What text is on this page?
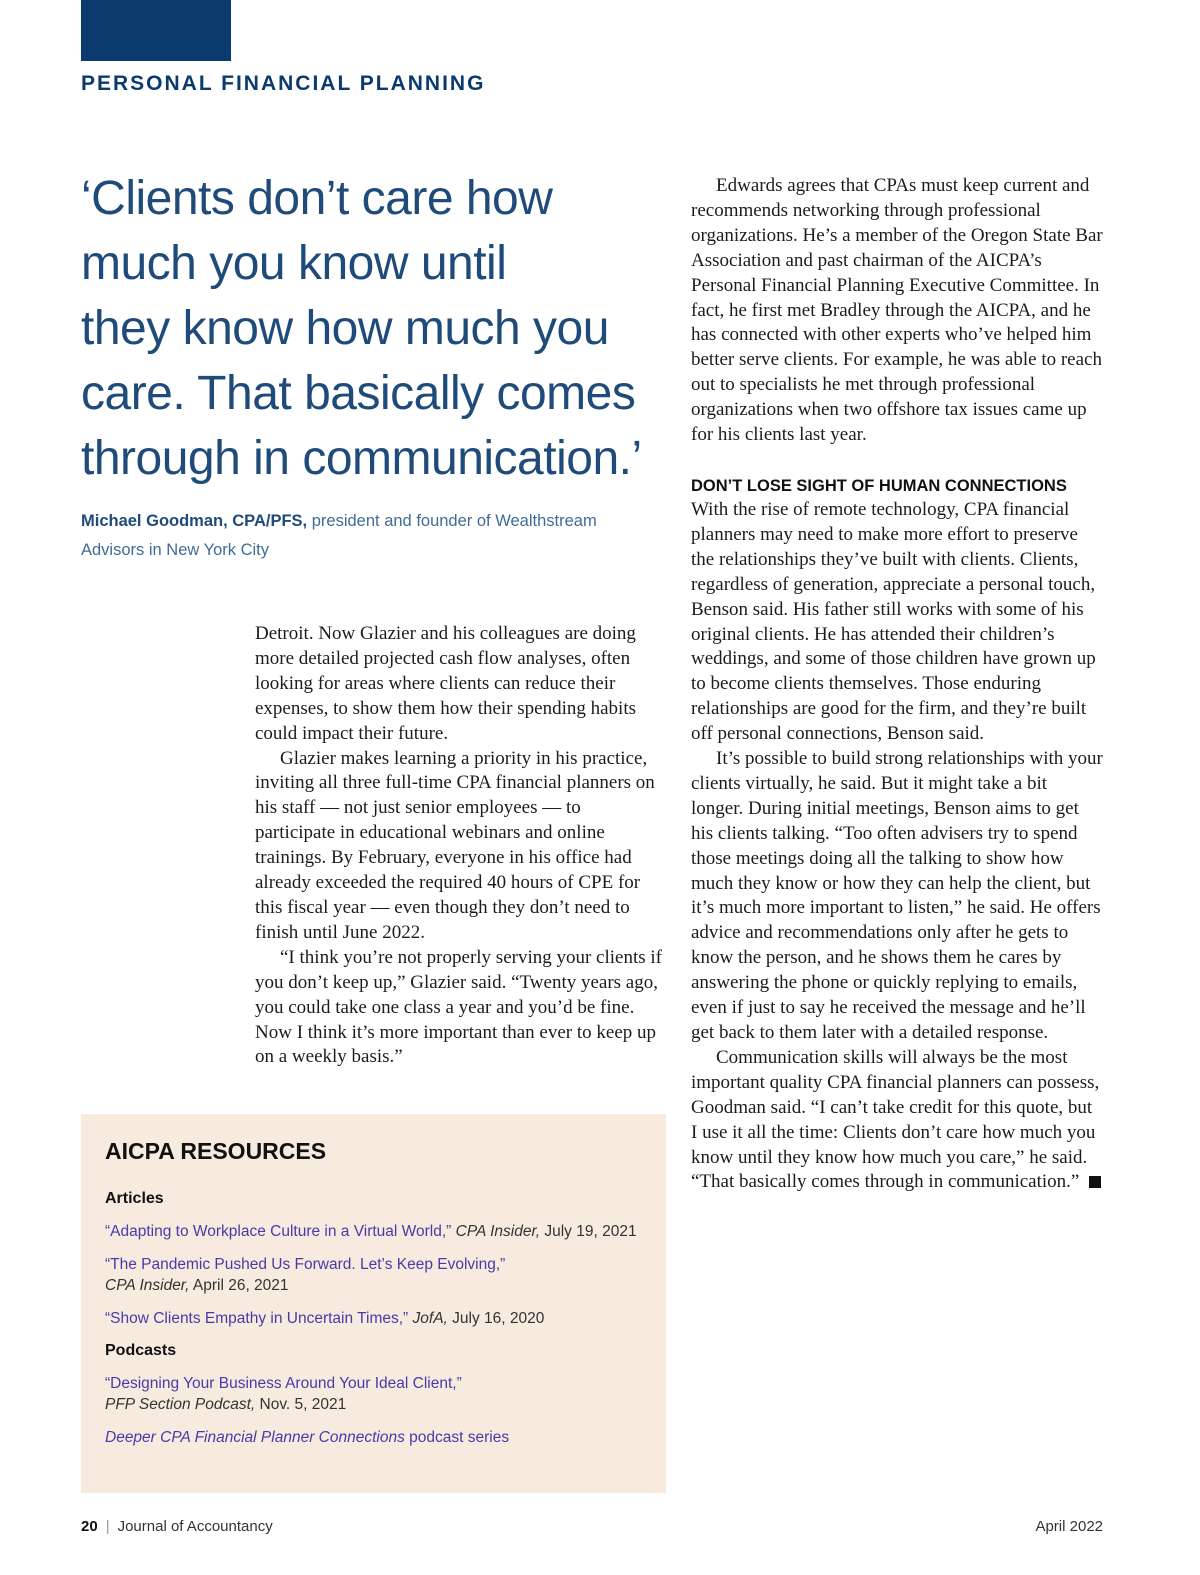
PERSONAL FINANCIAL PLANNING
‘Clients don’t care how
much you know until
they know how much you
care. That basically comes
through in communication.’
Michael Goodman, CPA/PFS, president and founder of Wealthstream
Advisors in New York City

Detroit. Now Glazier and his colleagues are doing more detailed projected cash flow analyses, often looking for areas where clients can reduce their expenses, to show them how their spending habits could impact their future.

Glazier makes learning a priority in his practice, inviting all three full-time CPA financial planners on his staff — not just senior employees — to participate in educational webinars and online trainings. By February, everyone in his office had already exceeded the required 40 hours of CPE for this fiscal year — even though they don’t need to finish until June 2022.

“I think you’re not properly serving your clients if you don’t keep up,” Glazier said. “Twenty years ago, you could take one class a year and you’d be fine. Now I think it’s more important than ever to keep up on a weekly basis.”

Edwards agrees that CPAs must keep current and recommends networking through professional organizations. He’s a member of the Oregon State Bar Association and past chairman of the AICPA’s Personal Financial Planning Executive Committee. In fact, he first met Bradley through the AICPA, and he has connected with other experts who’ve helped him better serve clients. For example, he was able to reach out to specialists he met through professional organizations when two offshore tax issues came up for his clients last year.

DON’T LOSE SIGHT OF HUMAN CONNECTIONS

With the rise of remote technology, CPA financial planners may need to make more effort to preserve the relationships they’ve built with clients. Clients, regardless of generation, appreciate a personal touch, Benson said. His father still works with some of his original clients. He has attended their children’s weddings, and some of those children have grown up to become clients themselves. Those enduring relationships are good for the firm, and they’re built off personal connections, Benson said.

It’s possible to build strong relationships with your clients virtually, he said. But it might take a bit longer. During initial meetings, Benson aims to get his clients talking. “Too often advisers try to spend those meetings doing all the talking to show how much they know or how they can help the client, but it’s much more important to listen,” he said. He offers advice and recommendations only after he gets to know the person, and he shows them he cares by answering the phone or quickly replying to emails, even if just to say he received the message and he’ll get back to them later with a detailed response.

Communication skills will always be the most important quality CPA financial planners can possess, Goodman said. “I can’t take credit for this quote, but I use it all the time: Clients don’t care how much you know until they know how much you care,” he said. “That basically comes through in communication.”

AICPA RESOURCES
Articles
“Adapting to Workplace Culture in a Virtual World,” CPA Insider, July 19, 2021
“The Pandemic Pushed Us Forward. Let’s Keep Evolving,”
CPA Insider, April 26, 2021
“Show Clients Empathy in Uncertain Times,” JofA, July 16, 2020
Podcasts
“Designing Your Business Around Your Ideal Client,”
PFP Section Podcast, Nov. 5, 2021
Deeper CPA Financial Planner Connections podcast series
20 | Journal of Accountancy	April 2022
